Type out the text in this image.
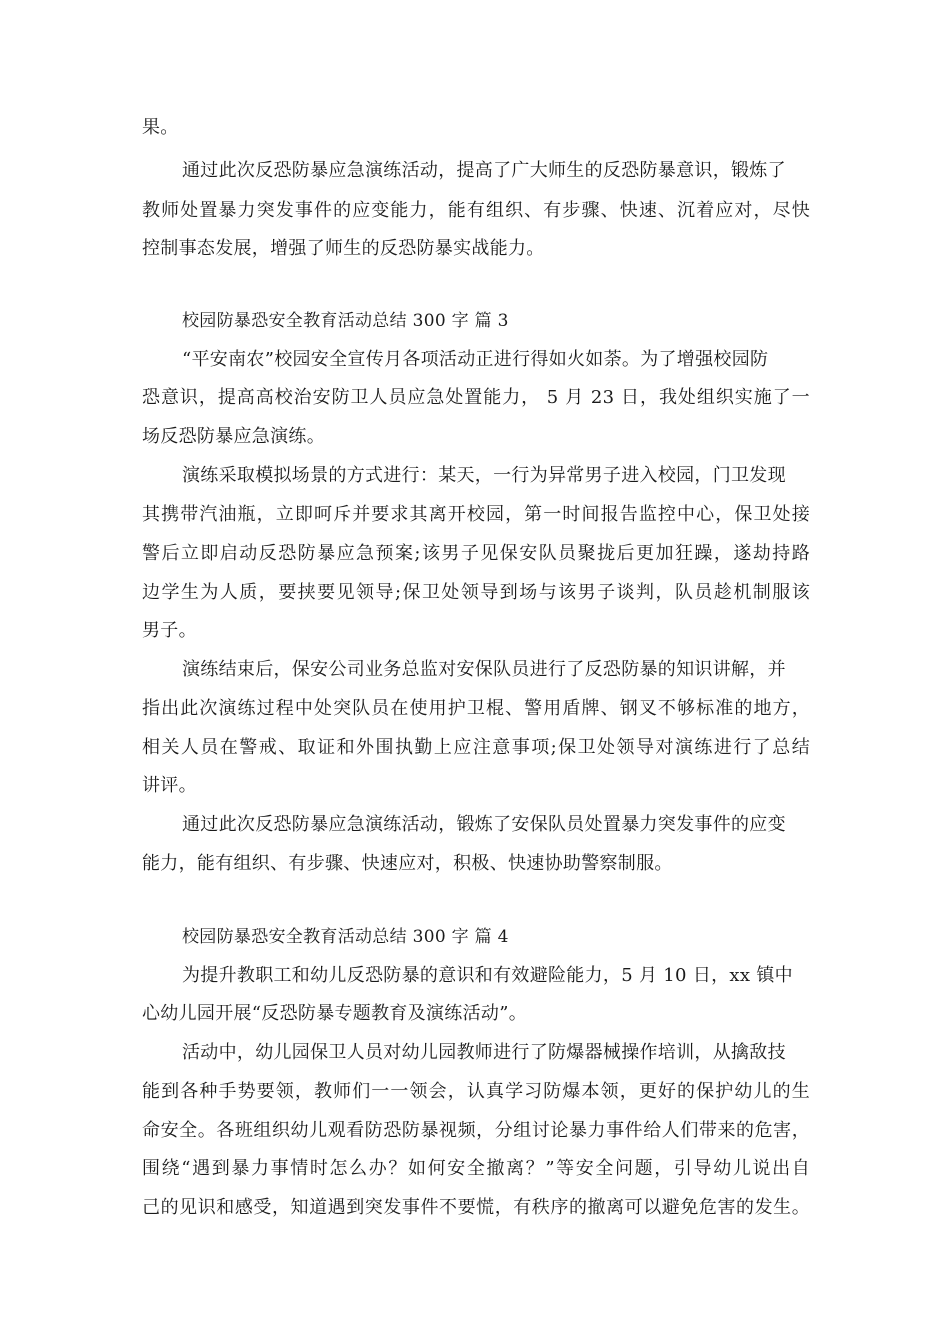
果。
通过此次反恐防暴应急演练活动，提高了广大师生的反恐防暴意识，锻炼了
教师处置暴力突发事件的应变能力，能有组织、有步骤、快速、沉着应对，尽快
控制事态发展，增强了师生的反恐防暴实战能力。
校园防暴恐安全教育活动总结 300 字 篇 3
“平安南农”校园安全宣传月各项活动正进行得如火如荼。为了增强校园防
恐意识，提高高校治安防卫人员应急处置能力， 5 月 23 日，我处组织实施了一
场反恐防暴应急演练。
演练采取模拟场景的方式进行：某天，一行为异常男子进入校园，门卫发现
其携带汽油瓶，立即呵斥并要求其离开校园，第一时间报告监控中心，保卫处接
警后立即启动反恐防暴应急预案;该男子见保安队员聚拢后更加狂躁，遂劫持路
边学生为人质，要挟要见领导;保卫处领导到场与该男子谈判，队员趁机制服该
男子。
演练结束后，保安公司业务总监对安保队员进行了反恐防暴的知识讲解，并
指出此次演练过程中处突队员在使用护卫棍、警用盾牌、钢叉不够标准的地方，
相关人员在警戒、取证和外围执勤上应注意事项;保卫处领导对演练进行了总结
讲评。
通过此次反恐防暴应急演练活动，锻炼了安保队员处置暴力突发事件的应变
能力，能有组织、有步骤、快速应对，积极、快速协助警察制服。
校园防暴恐安全教育活动总结 300 字 篇 4
为提升教职工和幼儿反恐防暴的意识和有效避险能力，5 月 10 日，xx 镇中
心幼儿园开展“反恐防暴专题教育及演练活动”。
活动中，幼儿园保卫人员对幼儿园教师进行了防爆器械操作培训，从擒敌技
能到各种手势要领，教师们一一领会，认真学习防爆本领，更好的保护幼儿的生
命安全。各班组织幼儿观看防恐防暴视频，分组讨论暴力事件给人们带来的危害，
围绕“遇到暴力事情时怎么办？如何安全撤离？”等安全问题，引导幼儿说出自
己的见识和感受，知道遇到突发事件不要慌，有秩序的撤离可以避免危害的发生。
